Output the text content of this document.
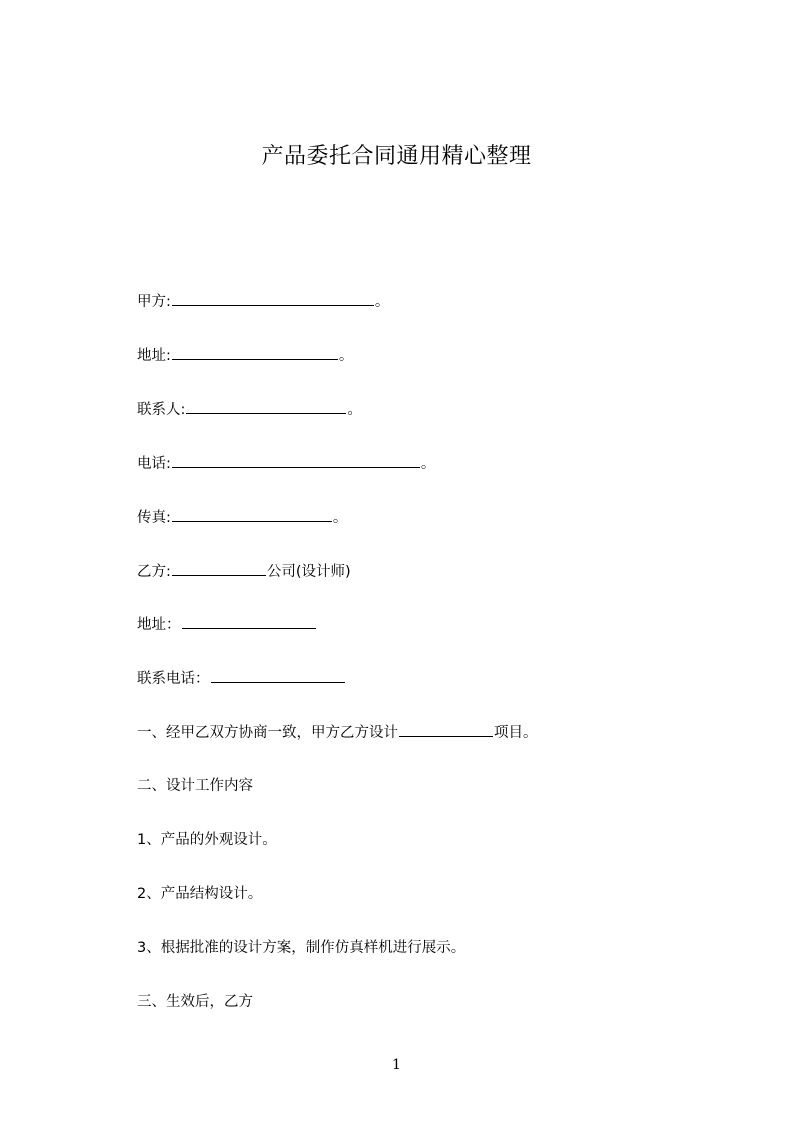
产品委托合同通用精心整理
甲方:	。
地址:	。
联系人:	。
电话:	。
传真:	。
乙方:	公司(设计师)
地址：
联系电话：
一、经甲乙双方协商一致，甲方乙方设计	项目。
二、设计工作内容
1、产品的外观设计。
2、产品结构设计。
3、根据批准的设计方案，制作仿真样机进行展示。
三、生效后，乙方
1
